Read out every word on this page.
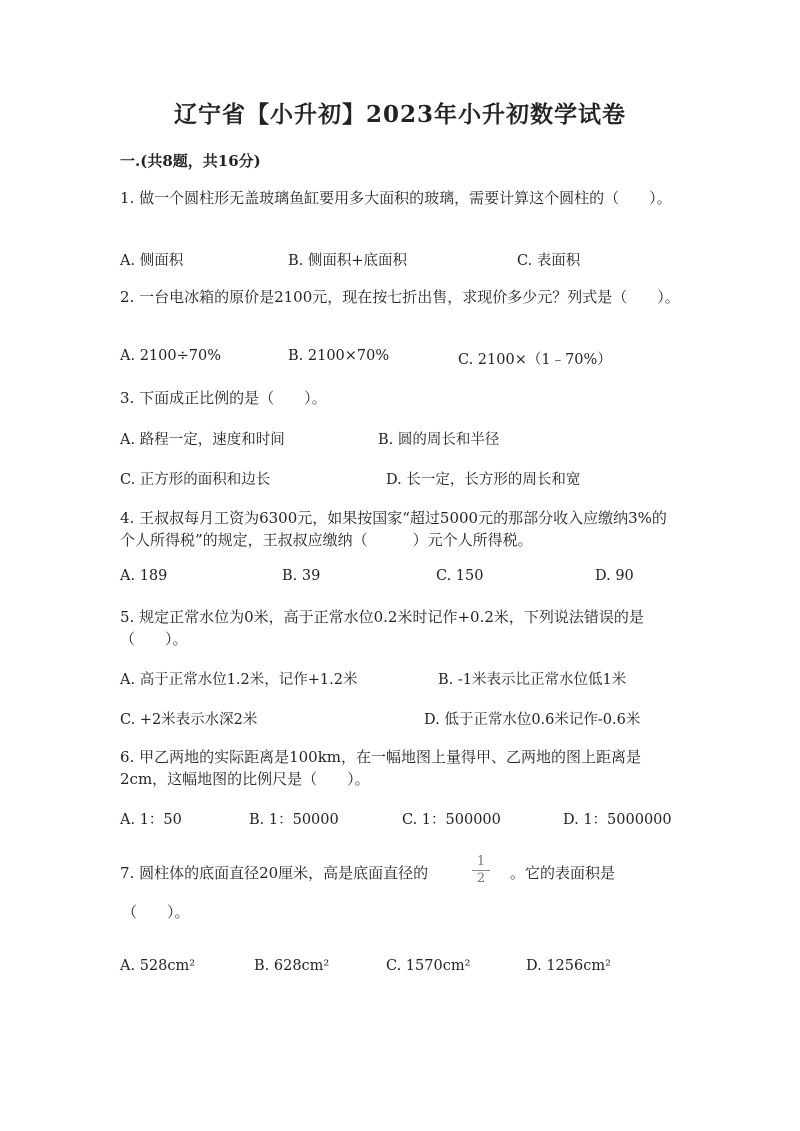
辽宁省【小升初】2023年小升初数学试卷
一.(共8题，共16分)
1. 做一个圆柱形无盖玻璃鱼缸要用多大面积的玻璃，需要计算这个圆柱的（　　）。
A. 侧面积	B. 侧面积+底面积	C. 表面积
2. 一台电冰箱的原价是2100元，现在按七折出售，求现价多少元？列式是（　　）。
A. 2100÷70%	B. 2100×70%	C. 2100×（1﹣70%）
3. 下面成正比例的是（　　）。
A. 路程一定，速度和时间	B. 圆的周长和半径
C. 正方形的面积和边长	D. 长一定，长方形的周长和宽
4. 王叔叔每月工资为6300元，如果按国家“超过5000元的那部分收入应缴纳3%的个人所得税”的规定，王叔叔应缴纳（　　　）元个人所得税。
A. 189	B. 39	C. 150	D. 90
5. 规定正常水位为0米，高于正常水位0.2米时记作+0.2米，下列说法错误的是（　　）。
A. 高于正常水位1.2米，记作+1.2米	B. -1米表示比正常水位低1米
C. +2米表示水深2米	D. 低于正常水位0.6米记作-0.6米
6. 甲乙两地的实际距离是100km，在一幅地图上量得甲、乙两地的图上距离是2cm，这幅地图的比例尺是（　　）。
A. 1：50	B. 1：50000	C. 1：500000	D. 1：5000000
7. 圆柱体的底面直径20厘米，高是底面直径的
1
2	。它的表面积是
（　　）。
A. 528cm²	B. 628cm²	C. 1570cm²	D. 1256cm²
